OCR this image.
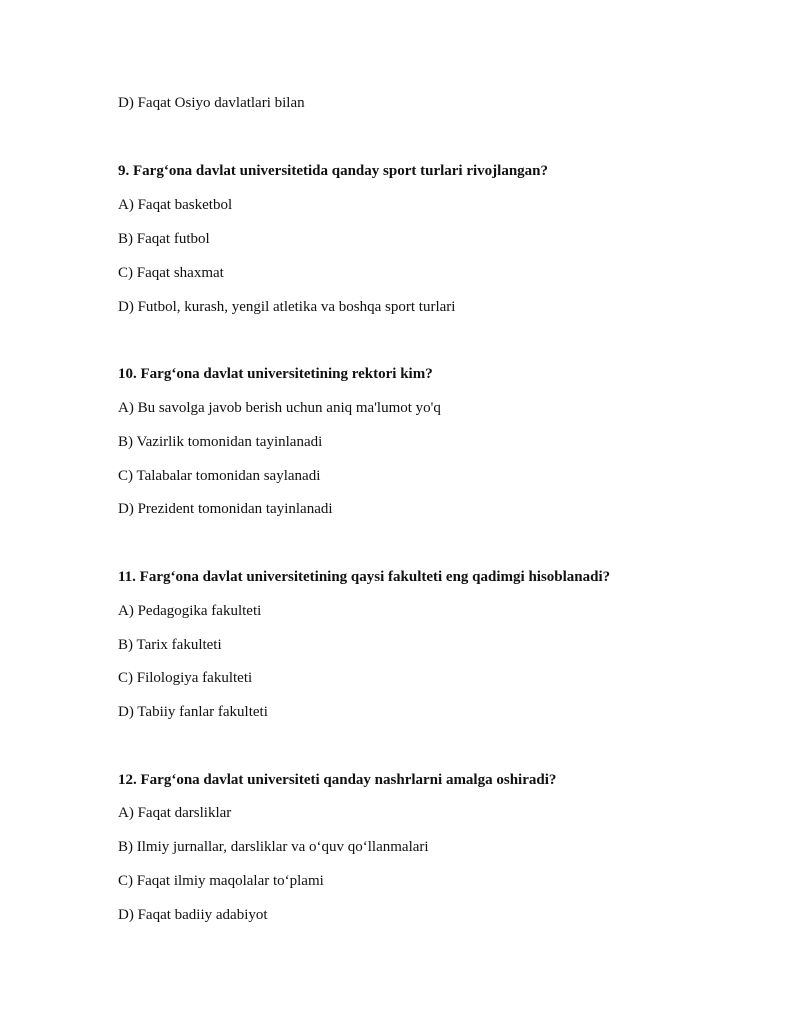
D) Faqat Osiyo davlatlari bilan
9. Farg‘ona davlat universitetida qanday sport turlari rivojlangan?
A) Faqat basketbol
B) Faqat futbol
C) Faqat shaxmat
D) Futbol, kurash, yengil atletika va boshqa sport turlari
10. Farg‘ona davlat universitetining rektori kim?
A) Bu savolga javob berish uchun aniq ma'lumot yo'q
B) Vazirlik tomonidan tayinlanadi
C) Talabalar tomonidan saylanadi
D) Prezident tomonidan tayinlanadi
11. Farg‘ona davlat universitetining qaysi fakulteti eng qadimgi hisoblanadi?
A) Pedagogika fakulteti
B) Tarix fakulteti
C) Filologiya fakulteti
D) Tabiiy fanlar fakulteti
12. Farg‘ona davlat universiteti qanday nashrlarni amalga oshiradi?
A) Faqat darsliklar
B) Ilmiy jurnallar, darsliklar va o‘quv qo‘llanmalari
C) Faqat ilmiy maqolalar to‘plami
D) Faqat badiiy adabiyot
